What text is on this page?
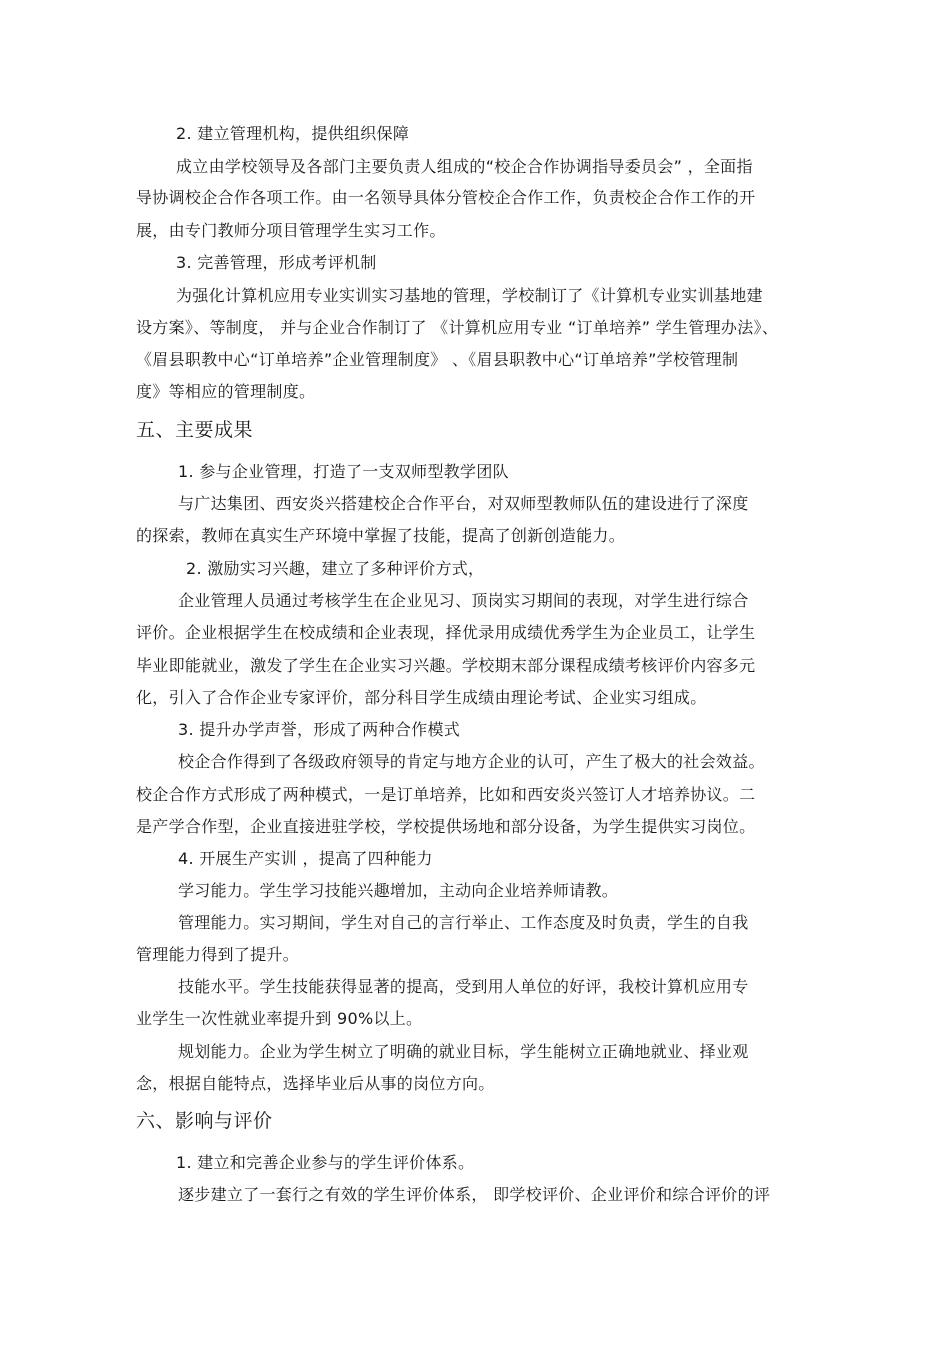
2. 建立管理机构，提供组织保障
成立由学校领导及各部门主要负责人组成的“校企合作协调指导委员会” ，全面指
导协调校企合作各项工作。由一名领导具体分管校企合作工作，负责校企合作工作的开
展，由专门教师分项目管理学生实习工作。
3. 完善管理，形成考评机制
为强化计算机应用专业实训实习基地的管理，学校制订了《计算机专业实训基地建
设方案》、等制度， 并与企业合作制订了 《计算机应用专业 “订单培养” 学生管理办法》、
《眉县职教中心“订单培养”企业管理制度》 、《眉县职教中心“订单培养”学校管理制
度》等相应的管理制度。
五、主要成果
1. 参与企业管理，打造了一支双师型教学团队
与广达集团、西安炎兴搭建校企合作平台，对双师型教师队伍的建设进行了深度
的探索，教师在真实生产环境中掌握了技能，提高了创新创造能力。
2. 激励实习兴趣，建立了多种评价方式，
企业管理人员通过考核学生在企业见习、顶岗实习期间的表现，对学生进行综合
评价。企业根据学生在校成绩和企业表现，择优录用成绩优秀学生为企业员工，让学生
毕业即能就业，激发了学生在企业实习兴趣。学校期末部分课程成绩考核评价内容多元
化，引入了合作企业专家评价，部分科目学生成绩由理论考试、企业实习组成。
3. 提升办学声誉，形成了两种合作模式
校企合作得到了各级政府领导的肯定与地方企业的认可，产生了极大的社会效益。
校企合作方式形成了两种模式，一是订单培养，比如和西安炎兴签订人才培养协议。二
是产学合作型，企业直接进驻学校，学校提供场地和部分设备，为学生提供实习岗位。
4. 开展生产实训 ，提高了四种能力
学习能力。学生学习技能兴趣增加，主动向企业培养师请教。
管理能力。实习期间，学生对自己的言行举止、工作态度及时负责，学生的自我
管理能力得到了提升。
技能水平。学生技能获得显著的提高，受到用人单位的好评，我校计算机应用专
业学生一次性就业率提升到 90%以上。
规划能力。企业为学生树立了明确的就业目标，学生能树立正确地就业、择业观
念，根据自能特点，选择毕业后从事的岗位方向。
六、影响与评价
1. 建立和完善企业参与的学生评价体系。
逐步建立了一套行之有效的学生评价体系， 即学校评价、企业评价和综合评价的评
